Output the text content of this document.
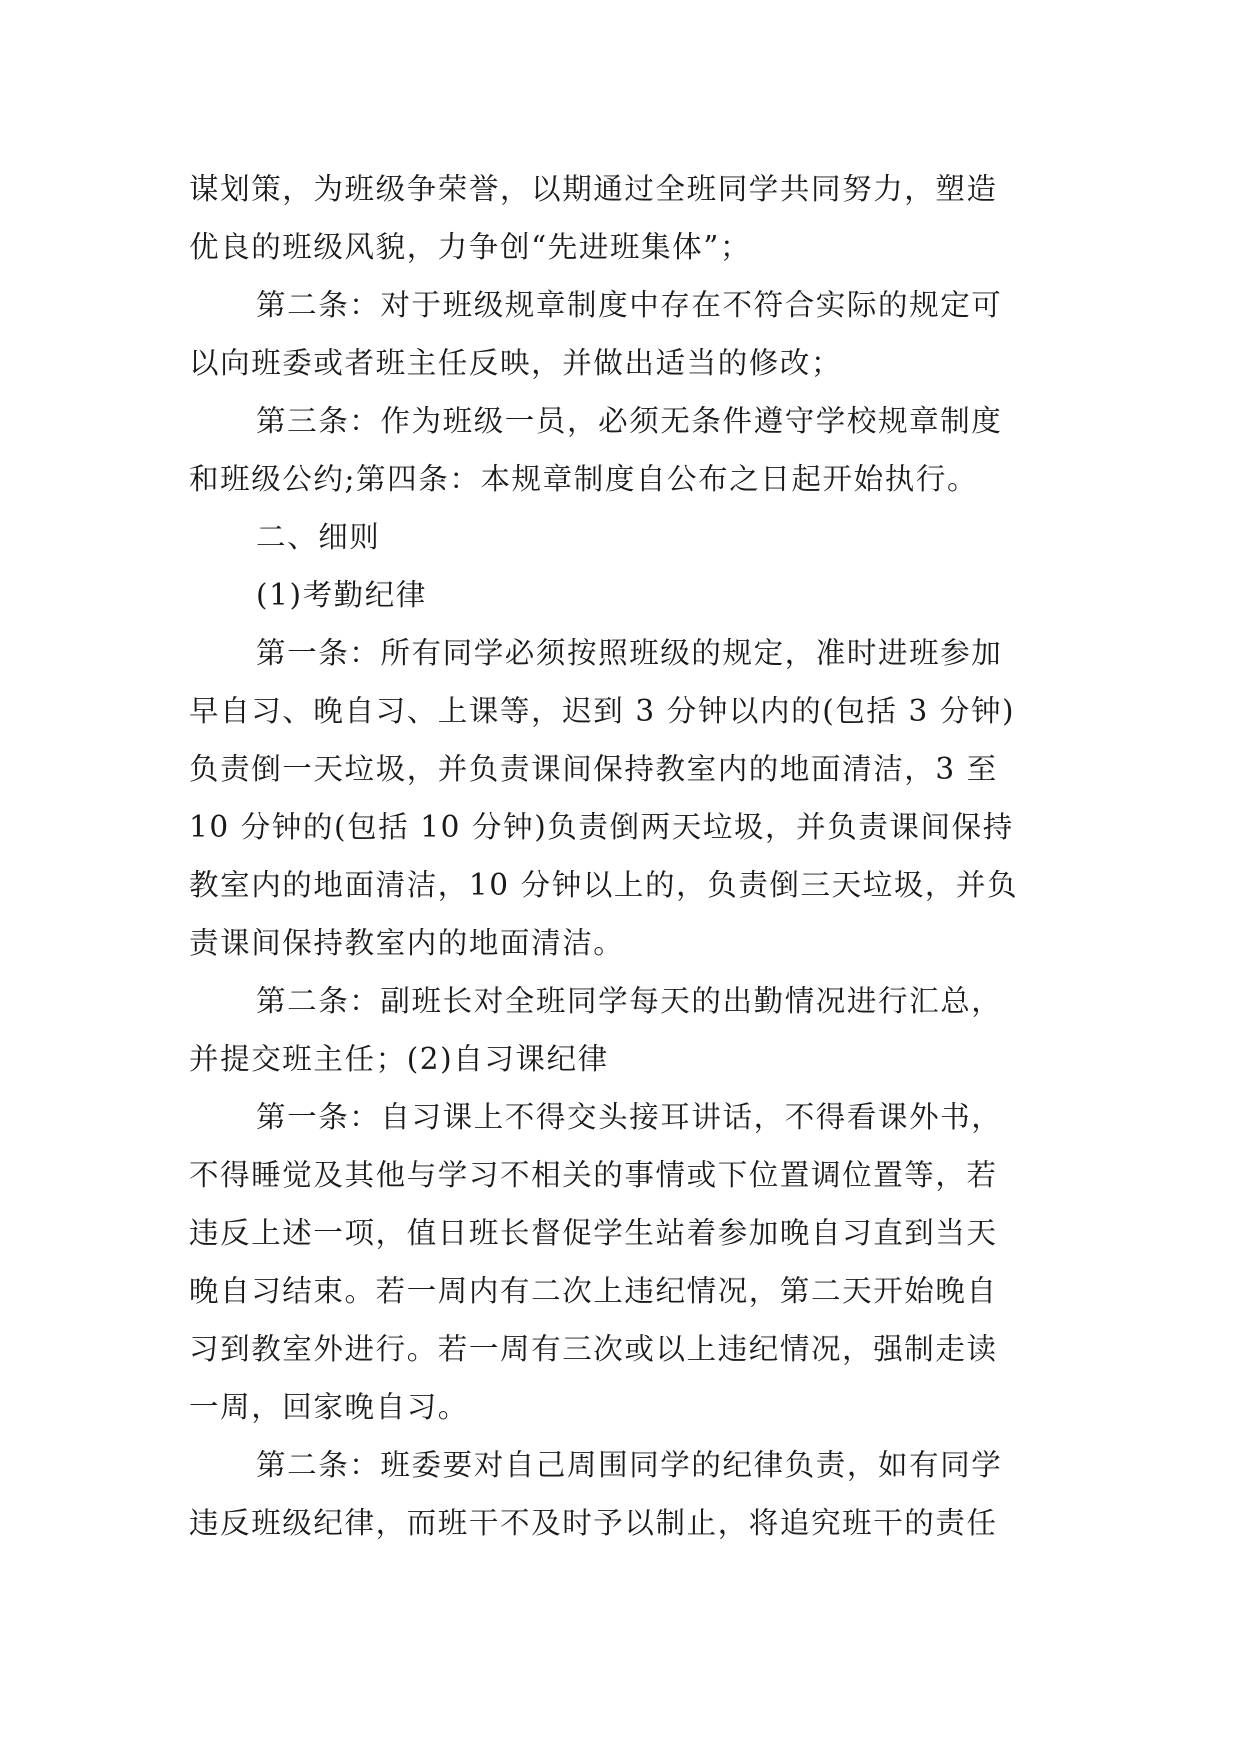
谋划策，为班级争荣誉，以期通过全班同学共同努力，塑造
优良的班级风貌，力争创“先进班集体”；
第二条：对于班级规章制度中存在不符合实际的规定可
以向班委或者班主任反映，并做出适当的修改；
第三条：作为班级一员，必须无条件遵守学校规章制度
和班级公约;第四条：本规章制度自公布之日起开始执行。
二、细则
(1)考勤纪律
第一条：所有同学必须按照班级的规定，准时进班参加
早自习、晚自习、上课等，迟到 3 分钟以内的(包括 3 分钟)
负责倒一天垃圾，并负责课间保持教室内的地面清洁，3 至
10 分钟的(包括 10 分钟)负责倒两天垃圾，并负责课间保持
教室内的地面清洁，10 分钟以上的，负责倒三天垃圾，并负
责课间保持教室内的地面清洁。
第二条：副班长对全班同学每天的出勤情况进行汇总，
并提交班主任；(2)自习课纪律
第一条：自习课上不得交头接耳讲话，不得看课外书，
不得睡觉及其他与学习不相关的事情或下位置调位置等，若
违反上述一项，值日班长督促学生站着参加晚自习直到当天
晚自习结束。若一周内有二次上违纪情况，第二天开始晚自
习到教室外进行。若一周有三次或以上违纪情况，强制走读
一周，回家晚自习。
第二条：班委要对自己周围同学的纪律负责，如有同学
违反班级纪律，而班干不及时予以制止，将追究班干的责任
